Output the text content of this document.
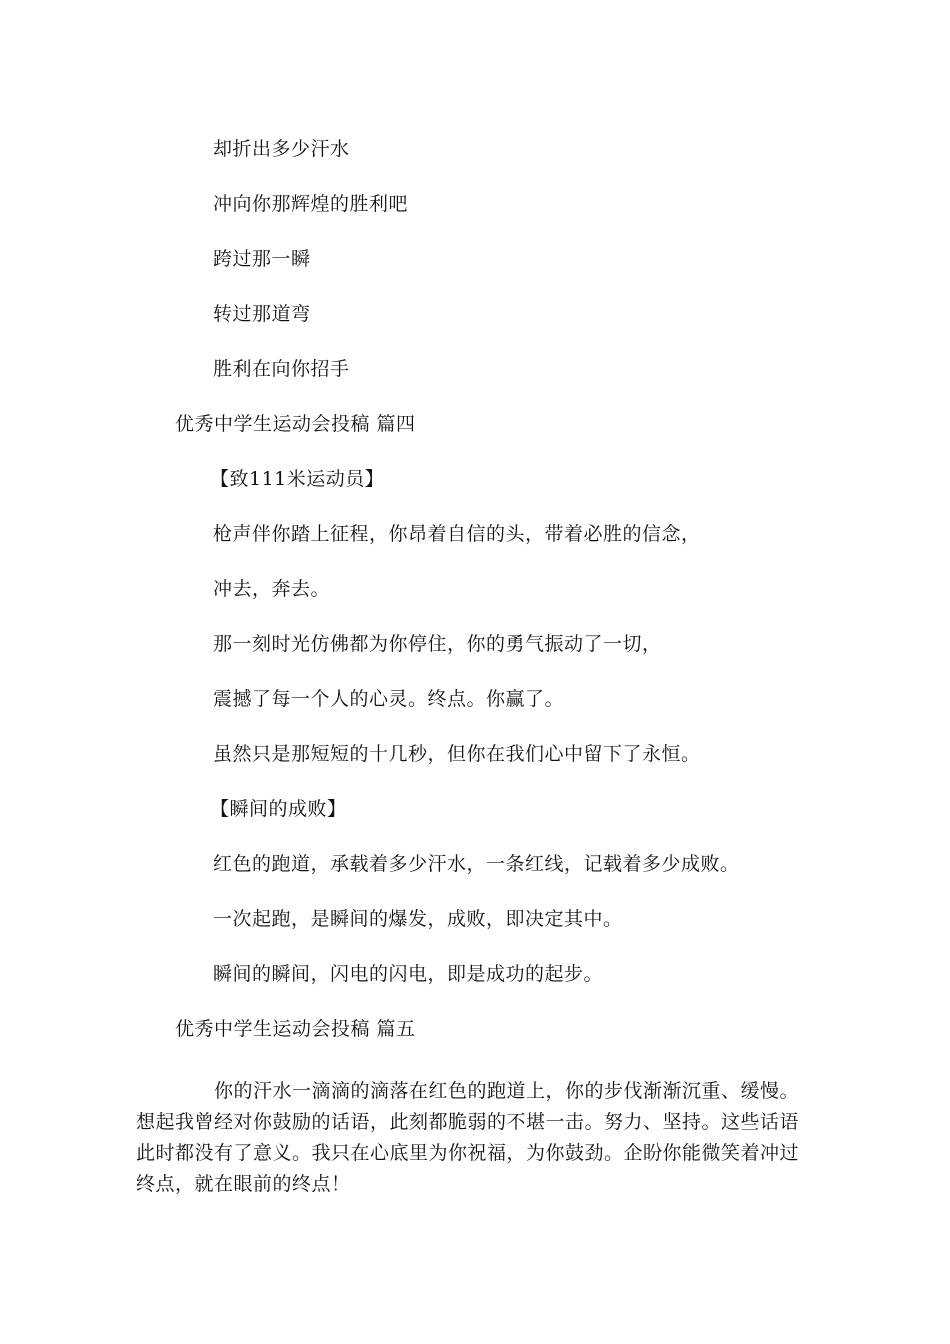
却折出多少汗水
冲向你那辉煌的胜利吧
跨过那一瞬
转过那道弯
胜利在向你招手
优秀中学生运动会投稿 篇四
【致111米运动员】
枪声伴你踏上征程，你昂着自信的头，带着必胜的信念，
冲去，奔去。
那一刻时光仿佛都为你停住，你的勇气振动了一切，
震撼了每一个人的心灵。终点。你赢了。
虽然只是那短短的十几秒，但你在我们心中留下了永恒。
【瞬间的成败】
红色的跑道，承载着多少汗水，一条红线，记载着多少成败。
一次起跑，是瞬间的爆发，成败，即决定其中。
瞬间的瞬间，闪电的闪电，即是成功的起步。
优秀中学生运动会投稿 篇五
你的汗水一滴滴的滴落在红色的跑道上，你的步伐渐渐沉重、缓慢。想起我曾经对你鼓励的话语，此刻都脆弱的不堪一击。努力、坚持。这些话语此时都没有了意义。我只在心底里为你祝福，为你鼓劲。企盼你能微笑着冲过终点，就在眼前的终点！
